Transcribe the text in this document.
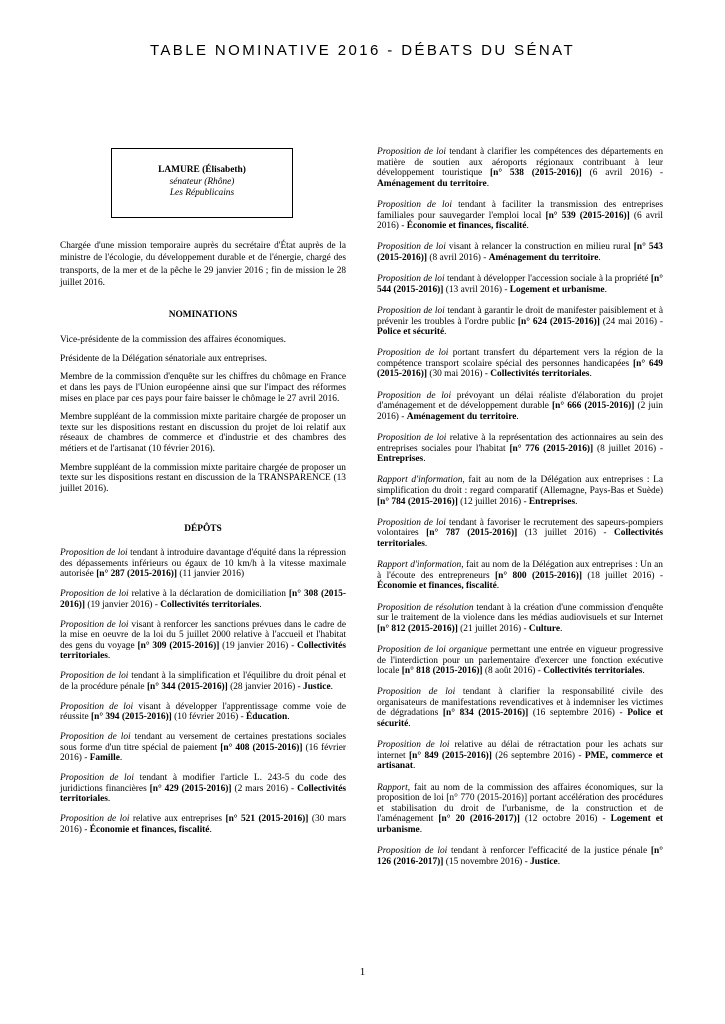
TABLE NOMINATIVE 2016 - DÉBATS DU SÉNAT
LAMURE (Élisabeth)
sénateur (Rhône)
Les Républicains

Chargée d'une mission temporaire auprès du secrétaire d'État auprès de la ministre de l'écologie, du développement durable et de l'énergie, chargé des transports, de la mer et de la pêche le 29 janvier 2016 ; fin de mission le 28 juillet 2016.

NOMINATIONS

Vice-présidente de la commission des affaires économiques.

Présidente de la Délégation sénatoriale aux entreprises.

Membre de la commission d'enquête sur les chiffres du chômage en France et dans les pays de l'Union européenne ainsi que sur l'impact des réformes mises en place par ces pays pour faire baisser le chômage le 27 avril 2016.

Membre suppléant de la commission mixte paritaire chargée de proposer un texte sur les dispositions restant en discussion du projet de loi relatif aux réseaux de chambres de commerce et d'industrie et des chambres des métiers et de l'artisanat (10 février 2016).

Membre suppléant de la commission mixte paritaire chargée de proposer un texte sur les dispositions restant en discussion de la TRANSPARENCE (13 juillet 2016).

DÉPÔTS

Proposition de loi tendant à introduire davantage d'équité dans la répression des dépassements inférieurs ou égaux de 10 km/h à la vitesse maximale autorisée [n° 287 (2015-2016)] (11 janvier 2016)

Proposition de loi relative à la déclaration de domiciliation [n° 308 (2015-2016)] (19 janvier 2016) - Collectivités territoriales.

Proposition de loi visant à renforcer les sanctions prévues dans le cadre de la mise en oeuvre de la loi du 5 juillet 2000 relative à l'accueil et l'habitat des gens du voyage [n° 309 (2015-2016)] (19 janvier 2016) - Collectivités territoriales.

Proposition de loi tendant à la simplification et l'équilibre du droit pénal et de la procédure pénale [n° 344 (2015-2016)] (28 janvier 2016) - Justice.

Proposition de loi visant à développer l'apprentissage comme voie de réussite [n° 394 (2015-2016)] (10 février 2016) - Éducation.

Proposition de loi tendant au versement de certaines prestations sociales sous forme d'un titre spécial de paiement [n° 408 (2015-2016)] (16 février 2016) - Famille.

Proposition de loi tendant à modifier l'article L. 243-5 du code des juridictions financières [n° 429 (2015-2016)] (2 mars 2016) - Collectivités territoriales.

Proposition de loi relative aux entreprises [n° 521 (2015-2016)] (30 mars 2016) - Économie et finances, fiscalité.

Proposition de loi tendant à clarifier les compétences des départements en matière de soutien aux aéroports régionaux contribuant à leur développement touristique [n° 538 (2015-2016)] (6 avril 2016) - Aménagement du territoire.

Proposition de loi tendant à faciliter la transmission des entreprises familiales pour sauvegarder l'emploi local [n° 539 (2015-2016)] (6 avril 2016) - Économie et finances, fiscalité.

Proposition de loi visant à relancer la construction en milieu rural [n° 543 (2015-2016)] (8 avril 2016) - Aménagement du territoire.

Proposition de loi tendant à développer l'accession sociale à la propriété [n° 544 (2015-2016)] (13 avril 2016) - Logement et urbanisme.

Proposition de loi tendant à garantir le droit de manifester paisiblement et à prévenir les troubles à l'ordre public [n° 624 (2015-2016)] (24 mai 2016) - Police et sécurité.

Proposition de loi portant transfert du département vers la région de la compétence transport scolaire spécial des personnes handicapées [n° 649 (2015-2016)] (30 mai 2016) - Collectivités territoriales.

Proposition de loi prévoyant un délai réaliste d'élaboration du projet d'aménagement et de développement durable [n° 666 (2015-2016)] (2 juin 2016) - Aménagement du territoire.

Proposition de loi relative à la représentation des actionnaires au sein des entreprises sociales pour l'habitat [n° 776 (2015-2016)] (8 juillet 2016) - Entreprises.

Rapport d'information, fait au nom de la Délégation aux entreprises : La simplification du droit : regard comparatif (Allemagne, Pays-Bas et Suède) [n° 784 (2015-2016)] (12 juillet 2016) - Entreprises.

Proposition de loi tendant à favoriser le recrutement des sapeurs-pompiers volontaires [n° 787 (2015-2016)] (13 juillet 2016) - Collectivités territoriales.

Rapport d'information, fait au nom de la Délégation aux entreprises : Un an à l'écoute des entrepreneurs [n° 800 (2015-2016)] (18 juillet 2016) - Économie et finances, fiscalité.

Proposition de résolution tendant à la création d'une commission d'enquête sur le traitement de la violence dans les médias audiovisuels et sur Internet [n° 812 (2015-2016)] (21 juillet 2016) - Culture.

Proposition de loi organique permettant une entrée en vigueur progressive de l'interdiction pour un parlementaire d'exercer une fonction exécutive locale [n° 818 (2015-2016)] (8 août 2016) - Collectivités territoriales.

Proposition de loi tendant à clarifier la responsabilité civile des organisateurs de manifestations revendicatives et à indemniser les victimes de dégradations [n° 834 (2015-2016)] (16 septembre 2016) - Police et sécurité.

Proposition de loi relative au délai de rétractation pour les achats sur internet [n° 849 (2015-2016)] (26 septembre 2016) - PME, commerce et artisanat.

Rapport, fait au nom de la commission des affaires économiques, sur la proposition de loi [n° 770 (2015-2016)] portant accélération des procédures et stabilisation du droit de l'urbanisme, de la construction et de l'aménagement [n° 20 (2016-2017)] (12 octobre 2016) - Logement et urbanisme.

Proposition de loi tendant à renforcer l'efficacité de la justice pénale [n° 126 (2016-2017)] (15 novembre 2016) - Justice.

1
